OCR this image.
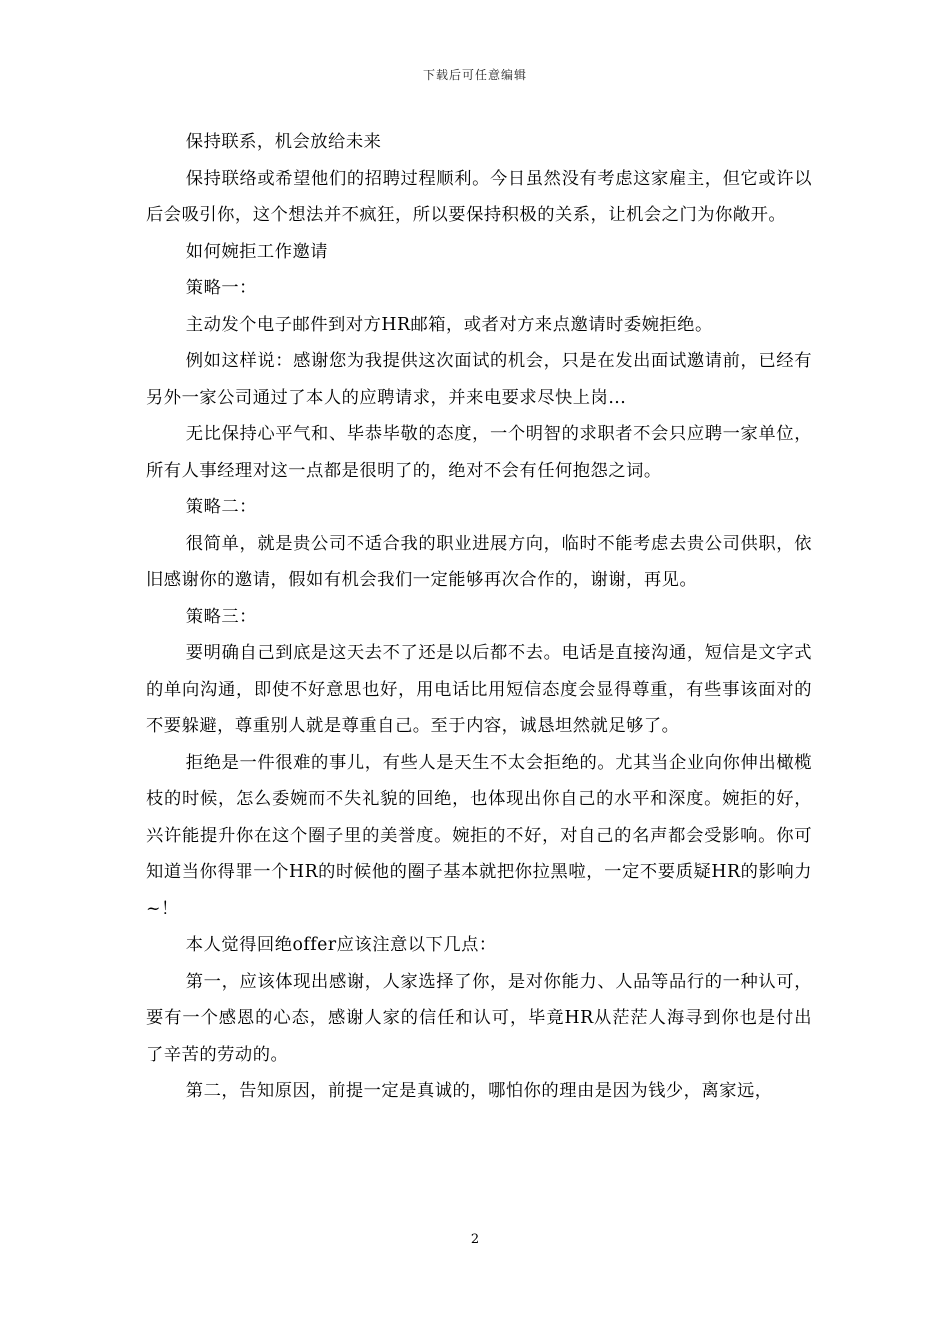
下载后可任意编辑

保持联系，机会放给未来

保持联络或希望他们的招聘过程顺利。今日虽然没有考虑这家雇主，但它或许以后会吸引你，这个想法并不疯狂，所以要保持积极的关系，让机会之门为你敞开。

如何婉拒工作邀请

策略一：

主动发个电子邮件到对方HR邮箱，或者对方来点邀请时委婉拒绝。

例如这样说：感谢您为我提供这次面试的机会，只是在发出面试邀请前，已经有另外一家公司通过了本人的应聘请求，并来电要求尽快上岗...

无比保持心平气和、毕恭毕敬的态度，一个明智的求职者不会只应聘一家单位，所有人事经理对这一点都是很明了的，绝对不会有任何抱怨之词。

策略二：

很简单，就是贵公司不适合我的职业进展方向，临时不能考虑去贵公司供职，依旧感谢你的邀请，假如有机会我们一定能够再次合作的，谢谢，再见。

策略三：

要明确自己到底是这天去不了还是以后都不去。电话是直接沟通，短信是文字式的单向沟通，即使不好意思也好，用电话比用短信态度会显得尊重，有些事该面对的不要躲避，尊重别人就是尊重自己。至于内容，诚恳坦然就足够了。

拒绝是一件很难的事儿，有些人是天生不太会拒绝的。尤其当企业向你伸出橄榄枝的时候，怎么委婉而不失礼貌的回绝，也体现出你自己的水平和深度。婉拒的好，兴许能提升你在这个圈子里的美誉度。婉拒的不好，对自己的名声都会受影响。你可知道当你得罪一个HR的时候他的圈子基本就把你拉黑啦，一定不要质疑HR的影响力~！

本人觉得回绝offer应该注意以下几点：

第一，应该体现出感谢，人家选择了你，是对你能力、人品等品行的一种认可，要有一个感恩的心态，感谢人家的信任和认可，毕竟HR从茫茫人海寻到你也是付出了辛苦的劳动的。

第二，告知原因，前提一定是真诚的，哪怕你的理由是因为钱少，离家远，

2
